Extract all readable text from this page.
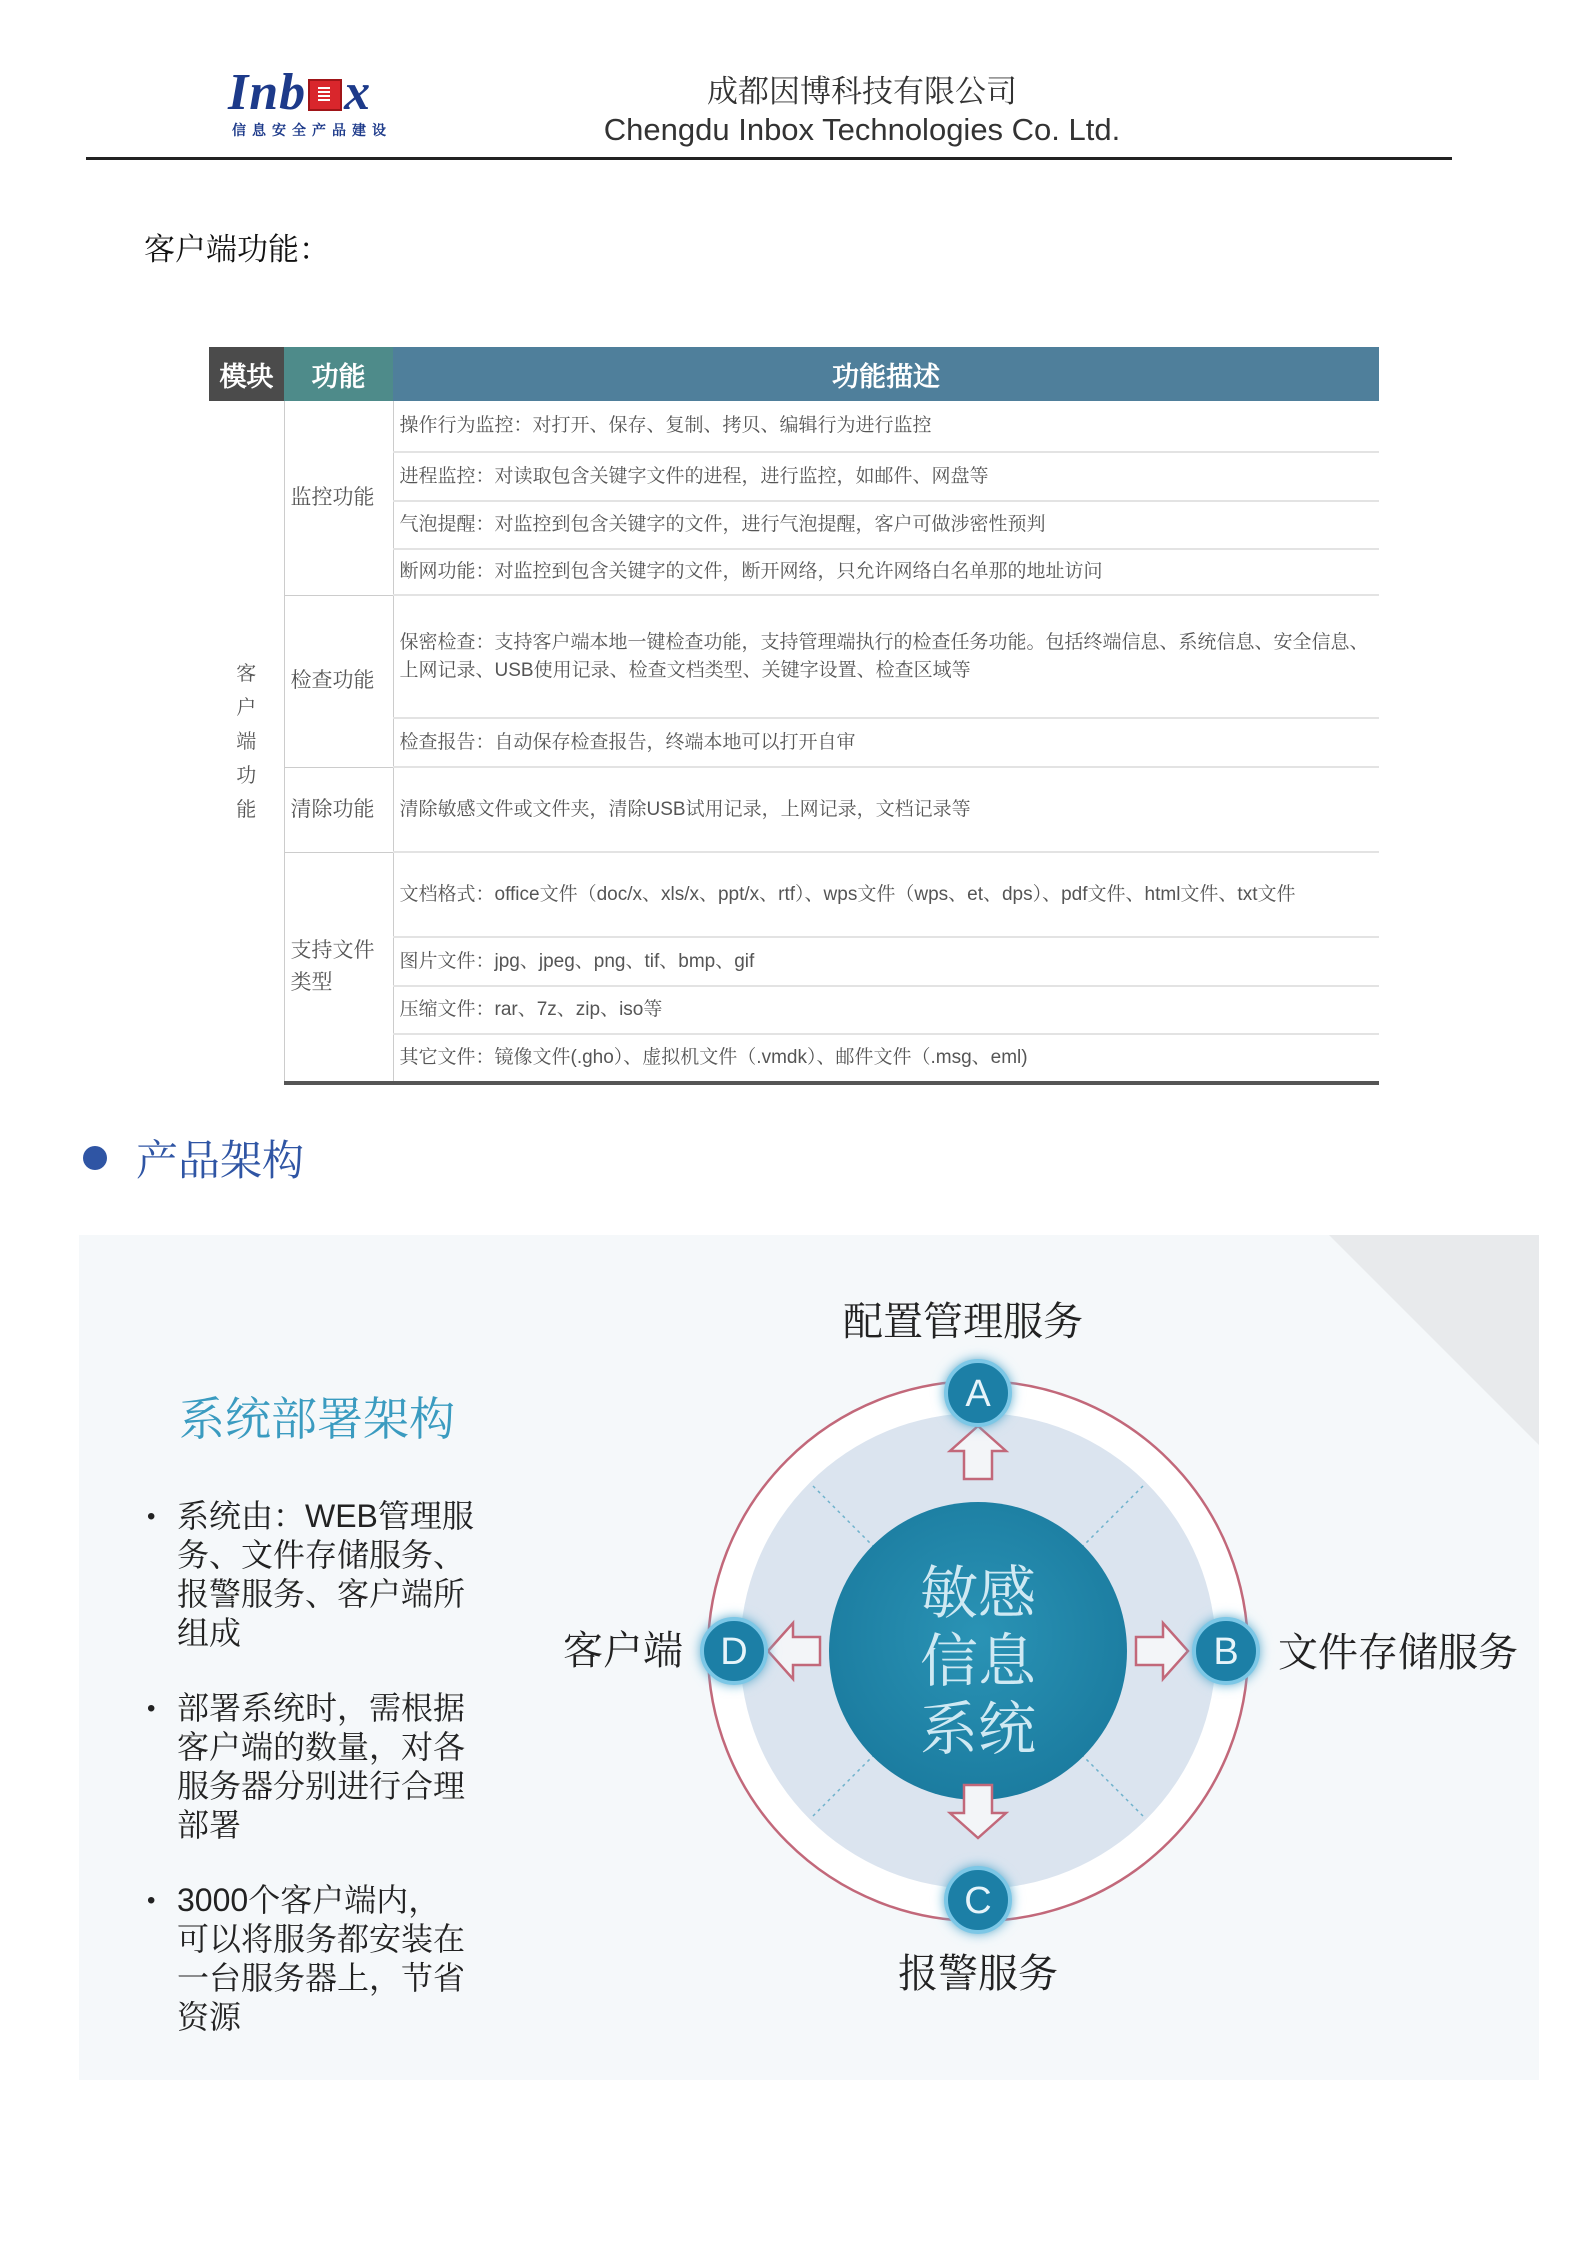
Inb x
信息安全产品建设
成都因博科技有限公司
Chengdu Inbox Technologies Co. Ltd.
客户端功能：
模块	功能	功能描述
客户端功能	监控功能	操作行为监控：对打开、保存、复制、拷贝、编辑行为进行监控
		进程监控：对读取包含关键字文件的进程，进行监控，如邮件、网盘等
		气泡提醒：对监控到包含关键字的文件，进行气泡提醒，客户可做涉密性预判
		断网功能：对监控到包含关键字的文件，断开网络，只允许网络白名单那的地址访问
	检查功能	保密检查：支持客户端本地一键检查功能，支持管理端执行的检查任务功能。包括终端信息、系统信息、安全信息、上网记录、USB使用记录、检查文档类型、关键字设置、检查区域等
		检查报告：自动保存检查报告，终端本地可以打开自审
	清除功能	清除敏感文件或文件夹，清除USB试用记录，上网记录，文档记录等
	支持文件类型	文档格式：office文件（doc/x、xls/x、ppt/x、rtf）、wps文件（wps、et、dps）、pdf文件、html文件、txt文件
		图片文件：jpg、jpeg、png、tif、bmp、gif
		压缩文件：rar、7z、zip、iso等
		其它文件：镜像文件(.gho）、虚拟机文件（.vmdk）、邮件文件（.msg、eml)
产品架构
系统部署架构
• 系统由：WEB管理服
务、文件存储服务、
报警服务、客户端所
组成
• 部署系统时，需根据
客户端的数量，对各
服务器分别进行合理
部署
• 3000个客户端内，
可以将服务都安装在
一台服务器上，节省
资源
敏感
信息
系统
A
B
C
D
配置管理服务
文件存储服务
报警服务
客户端
